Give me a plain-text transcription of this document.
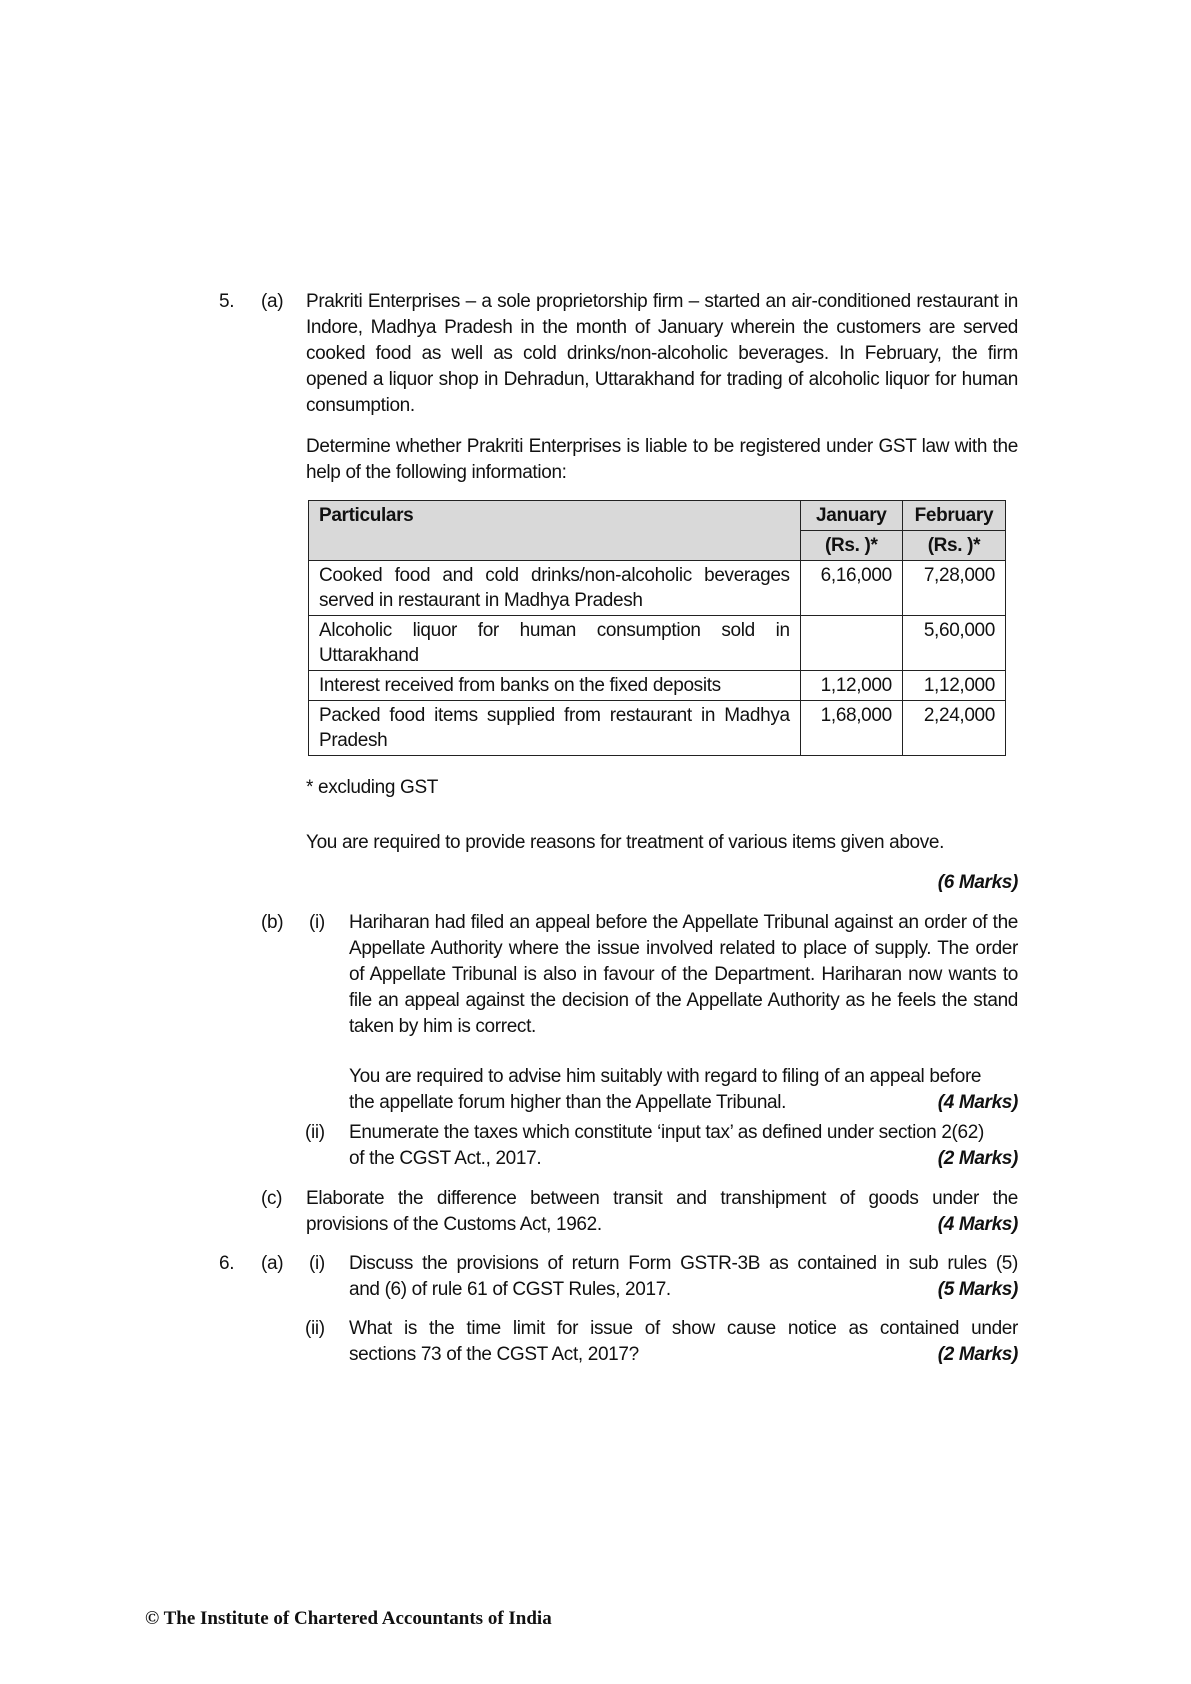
5. (a) Prakriti Enterprises – a sole proprietorship firm – started an air-conditioned restaurant in Indore, Madhya Pradesh in the month of January wherein the customers are served cooked food as well as cold drinks/non-alcoholic beverages. In February, the firm opened a liquor shop in Dehradun, Uttarakhand for trading of alcoholic liquor for human consumption.
Determine whether Prakriti Enterprises is liable to be registered under GST law with the help of the following information:
Particulars	January	February
	(Rs. )*	(Rs. )*
Cooked food and cold drinks/non-alcoholic beverages served in restaurant in Madhya Pradesh	6,16,000	7,28,000
Alcoholic liquor for human consumption sold in Uttarakhand		5,60,000
Interest received from banks on the fixed deposits	1,12,000	1,12,000
Packed food items supplied from restaurant in Madhya Pradesh	1,68,000	2,24,000
* excluding GST
You are required to provide reasons for treatment of various items given above.
(6 Marks)
(b) (i) Hariharan had filed an appeal before the Appellate Tribunal against an order of the Appellate Authority where the issue involved related to place of supply. The order of Appellate Tribunal is also in favour of the Department. Hariharan now wants to file an appeal against the decision of the Appellate Authority as he feels the stand taken by him is correct.
You are required to advise him suitably with regard to filing of an appeal before
the appellate forum higher than the Appellate Tribunal.	(4 Marks)
(ii) Enumerate the taxes which constitute ‘input tax’ as defined under section 2(62)
of the CGST Act., 2017.	(2 Marks)
(c) Elaborate the difference between transit and transhipment of goods under the
provisions of the Customs Act, 1962.	(4 Marks)
6. (a) (i) Discuss the provisions of return Form GSTR-3B as contained in sub rules (5)
and (6) of rule 61 of CGST Rules, 2017.	(5 Marks)
(ii) What is the time limit for issue of show cause notice as contained under
sections 73 of the CGST Act, 2017?	(2 Marks)
© The Institute of Chartered Accountants of India
